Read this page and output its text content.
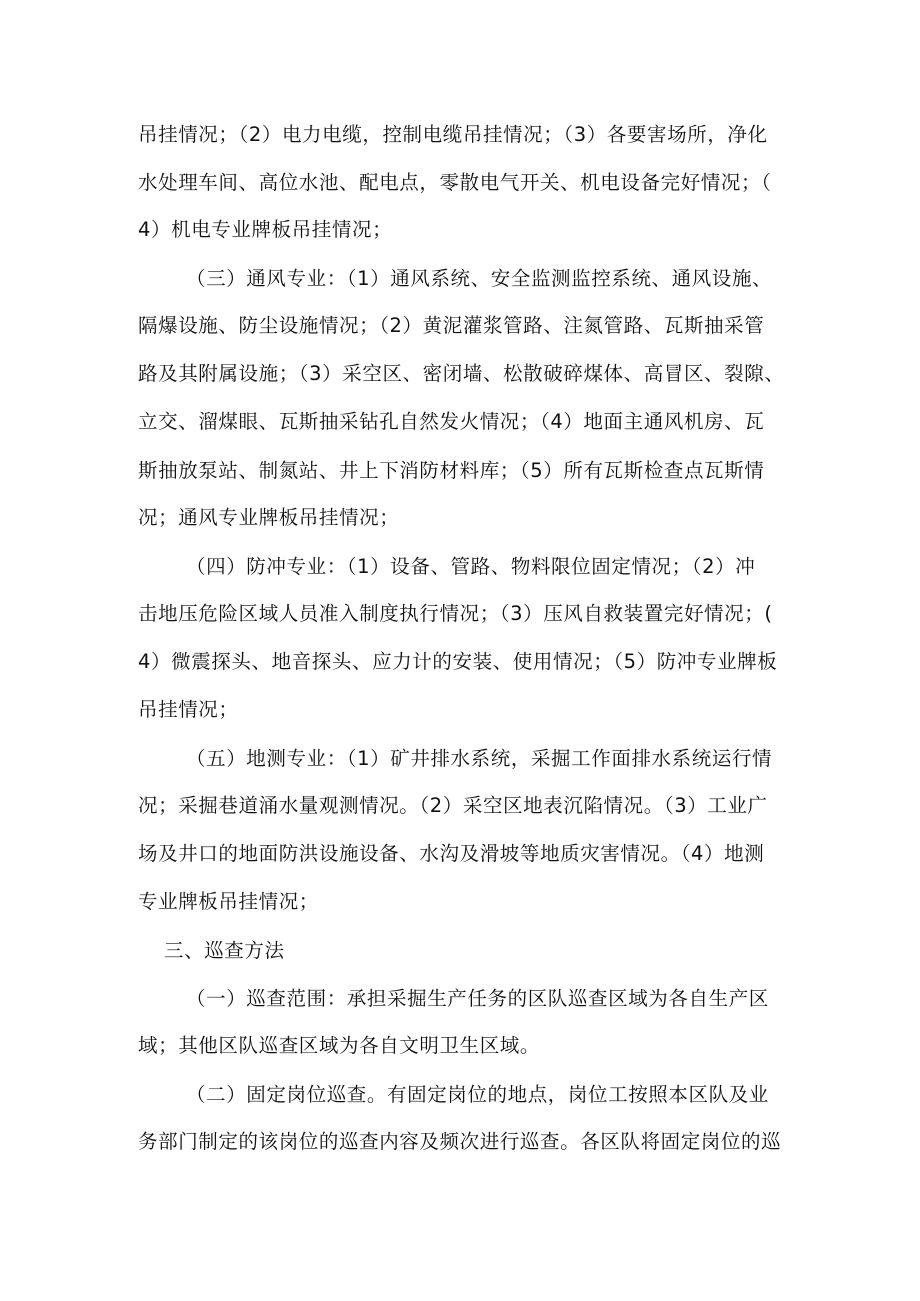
吊挂情况；（2）电力电缆，控制电缆吊挂情况；（3）各要害场所，净化
水处理车间、高位水池、配电点，零散电气开关、机电设备完好情况；（
4）机电专业牌板吊挂情况；
（三）通风专业：（1）通风系统、安全监测监控系统、通风设施、
隔爆设施、防尘设施情况；（2）黄泥灌浆管路、注氮管路、瓦斯抽采管
路及其附属设施；（3）采空区、密闭墙、松散破碎煤体、高冒区、裂隙、
立交、溜煤眼、瓦斯抽采钻孔自然发火情况；（4）地面主通风机房、瓦
斯抽放泵站、制氮站、井上下消防材料库；（5）所有瓦斯检查点瓦斯情
况；通风专业牌板吊挂情况；
（四）防冲专业：（1）设备、管路、物料限位固定情况；（2）冲
击地压危险区域人员准入制度执行情况；（3）压风自救装置完好情况；(
4）微震探头、地音探头、应力计的安装、使用情况；（5）防冲专业牌板
吊挂情况；
（五）地测专业：（1）矿井排水系统，采掘工作面排水系统运行情
况；采掘巷道涌水量观测情况。（2）采空区地表沉陷情况。（3）工业广
场及井口的地面防洪设施设备、水沟及滑坡等地质灾害情况。（4）地测
专业牌板吊挂情况；
三、巡查方法
（一）巡查范围：承担采掘生产任务的区队巡查区域为各自生产区
域；其他区队巡查区域为各自文明卫生区域。
（二）固定岗位巡查。有固定岗位的地点，岗位工按照本区队及业
务部门制定的该岗位的巡查内容及频次进行巡查。各区队将固定岗位的巡
